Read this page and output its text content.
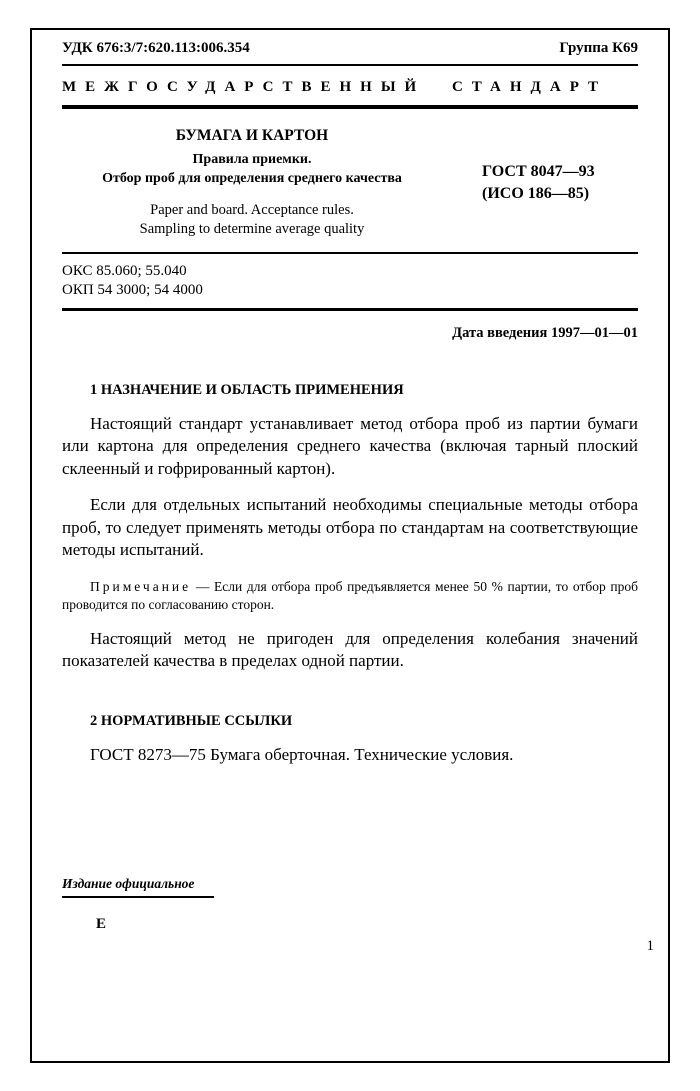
УДК 676:3/7:620.113:006.354	Группа К69
МЕЖГОСУДАРСТВЕННЫЙ СТАНДАРТ
БУМАГА И КАРТОН
Правила приемки.
Отбор проб для определения среднего качества
Paper and board. Acceptance rules.
Sampling to determine average quality
ГОСТ 8047—93
(ИСО 186—85)
ОКС 85.060; 55.040
ОКП 54 3000; 54 4000
Дата введения 1997—01—01
1 НАЗНАЧЕНИЕ И ОБЛАСТЬ ПРИМЕНЕНИЯ

Настоящий стандарт устанавливает метод отбора проб из партии бумаги или картона для определения среднего качества (включая тарный плоский склеенный и гофрированный картон).

Если для отдельных испытаний необходимы специальные методы отбора проб, то следует применять методы отбора по стандартам на соответствующие методы испытаний.

Примечание — Если для отбора проб предъявляется менее 50 % партии, то отбор проб проводится по согласованию сторон.

Настоящий метод не пригоден для определения колебания значений показателей качества в пределах одной партии.

2 НОРМАТИВНЫЕ ССЫЛКИ

ГОСТ 8273—75 Бумага оберточная. Технические условия.

Издание официальное
Е
1
